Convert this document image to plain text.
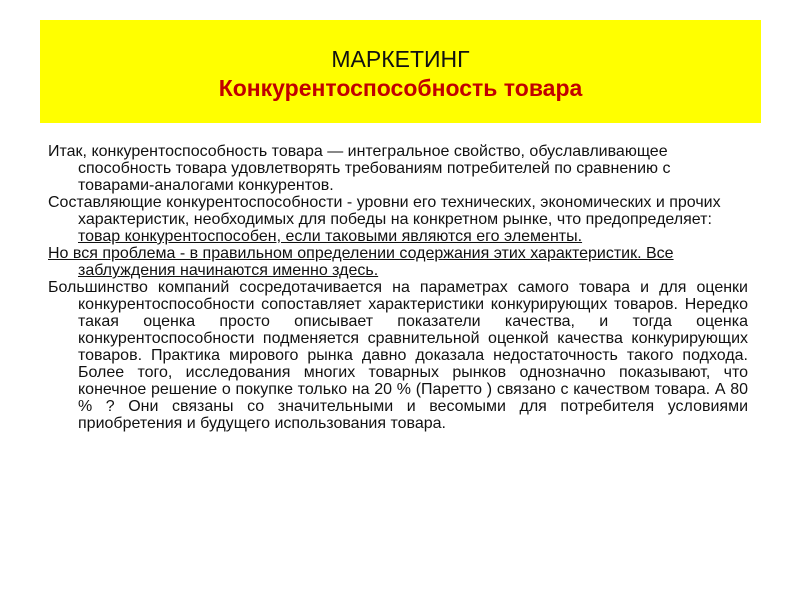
МАРКЕТИНГ
Конкурентоспособность товара

Итак, конкурентоспособность товара — интегральное свойство, обуславливающее способность товара удовлетворять требованиям потребителей по сравнению с товарами-аналогами конкурентов.

Составляющие конкурентоспособности - уровни его технических, экономических и прочих характеристик, необходимых для победы на конкретном рынке, что предопределяет: товар конкурентоспособен, если таковыми являются его элементы.

Но вся проблема - в правильном определении содержания этих характеристик. Все заблуждения начинаются именно здесь.

Большинство компаний сосредотачивается на параметрах самого товара и для оценки конкурентоспособности сопоставляет характеристики конкурирующих товаров. Нередко такая оценка просто описывает показатели качества, и тогда оценка конкурентоспособности подменяется сравнительной оценкой качества конкурирующих товаров. Практика мирового рынка давно доказала недостаточность такого подхода. Более того, исследования многих товарных рынков однозначно показывают, что конечное решение о покупке только на 20 % (Паретто ) связано с качеством товара. А 80 % ? Они связаны со значительными и весомыми для потребителя условиями приобретения и будущего использования товара.
